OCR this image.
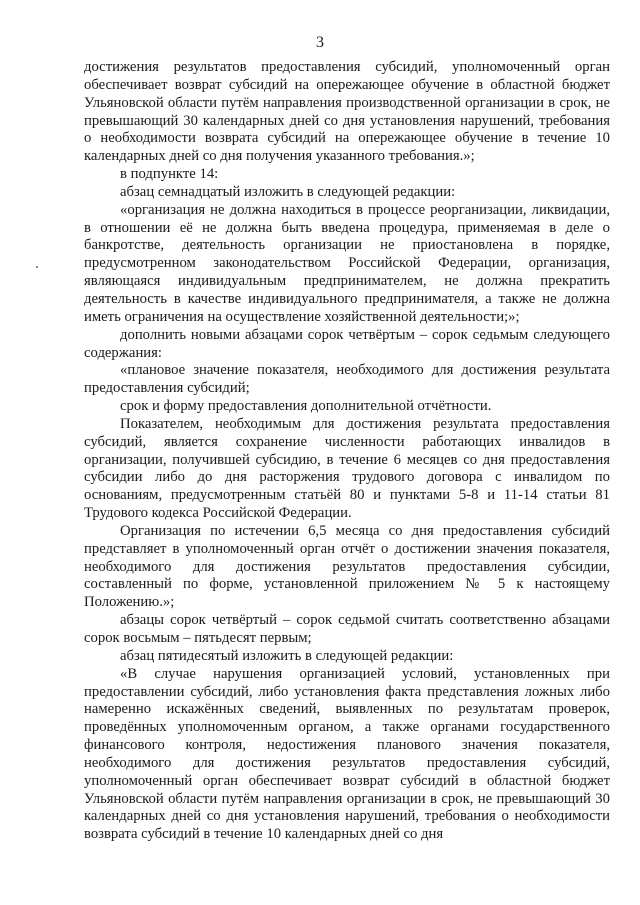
3

достижения результатов предоставления субсидий, уполномоченный орган обеспечивает возврат субсидий на опережающее обучение в областной бюджет Ульяновской области путём направления производственной организации в срок, не превышающий 30 календарных дней со дня установления нарушений, требования о необходимости возврата субсидий на опережающее обучение в течение 10 календарных дней со дня получения указанного требования.»;

в подпункте 14:

абзац семнадцатый изложить в следующей редакции:

«организация не должна находиться в процессе реорганизации, ликвидации, в отношении её не должна быть введена процедура, применяемая в деле о банкротстве, деятельность организации не приостановлена в порядке, предусмотренном законодательством Российской Федерации, организация, являющаяся индивидуальным предпринимателем, не должна прекратить деятельность в качестве индивидуального предпринимателя, а также не должна иметь ограничения на осуществление хозяйственной деятельности;»;

дополнить новыми абзацами сорок четвёртым – сорок седьмым следующего содержания:

«плановое значение показателя, необходимого для достижения результата предоставления субсидий;

срок и форму предоставления дополнительной отчётности.

Показателем, необходимым для достижения результата предоставления субсидий, является сохранение численности работающих инвалидов в организации, получившей субсидию, в течение 6 месяцев со дня предоставления субсидии либо до дня расторжения трудового договора с инвалидом по основаниям, предусмотренным статьёй 80 и пунктами 5-8 и 11-14 статьи 81 Трудового кодекса Российской Федерации.

Организация по истечении 6,5 месяца со дня предоставления субсидий представляет в уполномоченный орган отчёт о достижении значения показателя, необходимого для достижения результатов предоставления субсидии, составленный по форме, установленной приложением № 5 к настоящему Положению.»;

абзацы сорок четвёртый – сорок седьмой считать соответственно абзацами сорок восьмым – пятьдесят первым;

абзац пятидесятый изложить в следующей редакции:

«В случае нарушения организацией условий, установленных при предоставлении субсидий, либо установления факта представления ложных либо намеренно искажённых сведений, выявленных по результатам проверок, проведённых уполномоченным органом, а также органами государственного финансового контроля, недостижения планового значения показателя, необходимого для достижения результатов предоставления субсидий, уполномоченный орган обеспечивает возврат субсидий в областной бюджет Ульяновской области путём направления организации в срок, не превышающий 30 календарных дней со дня установления нарушений, требования о необходимости возврата субсидий в течение 10 календарных дней со дня
